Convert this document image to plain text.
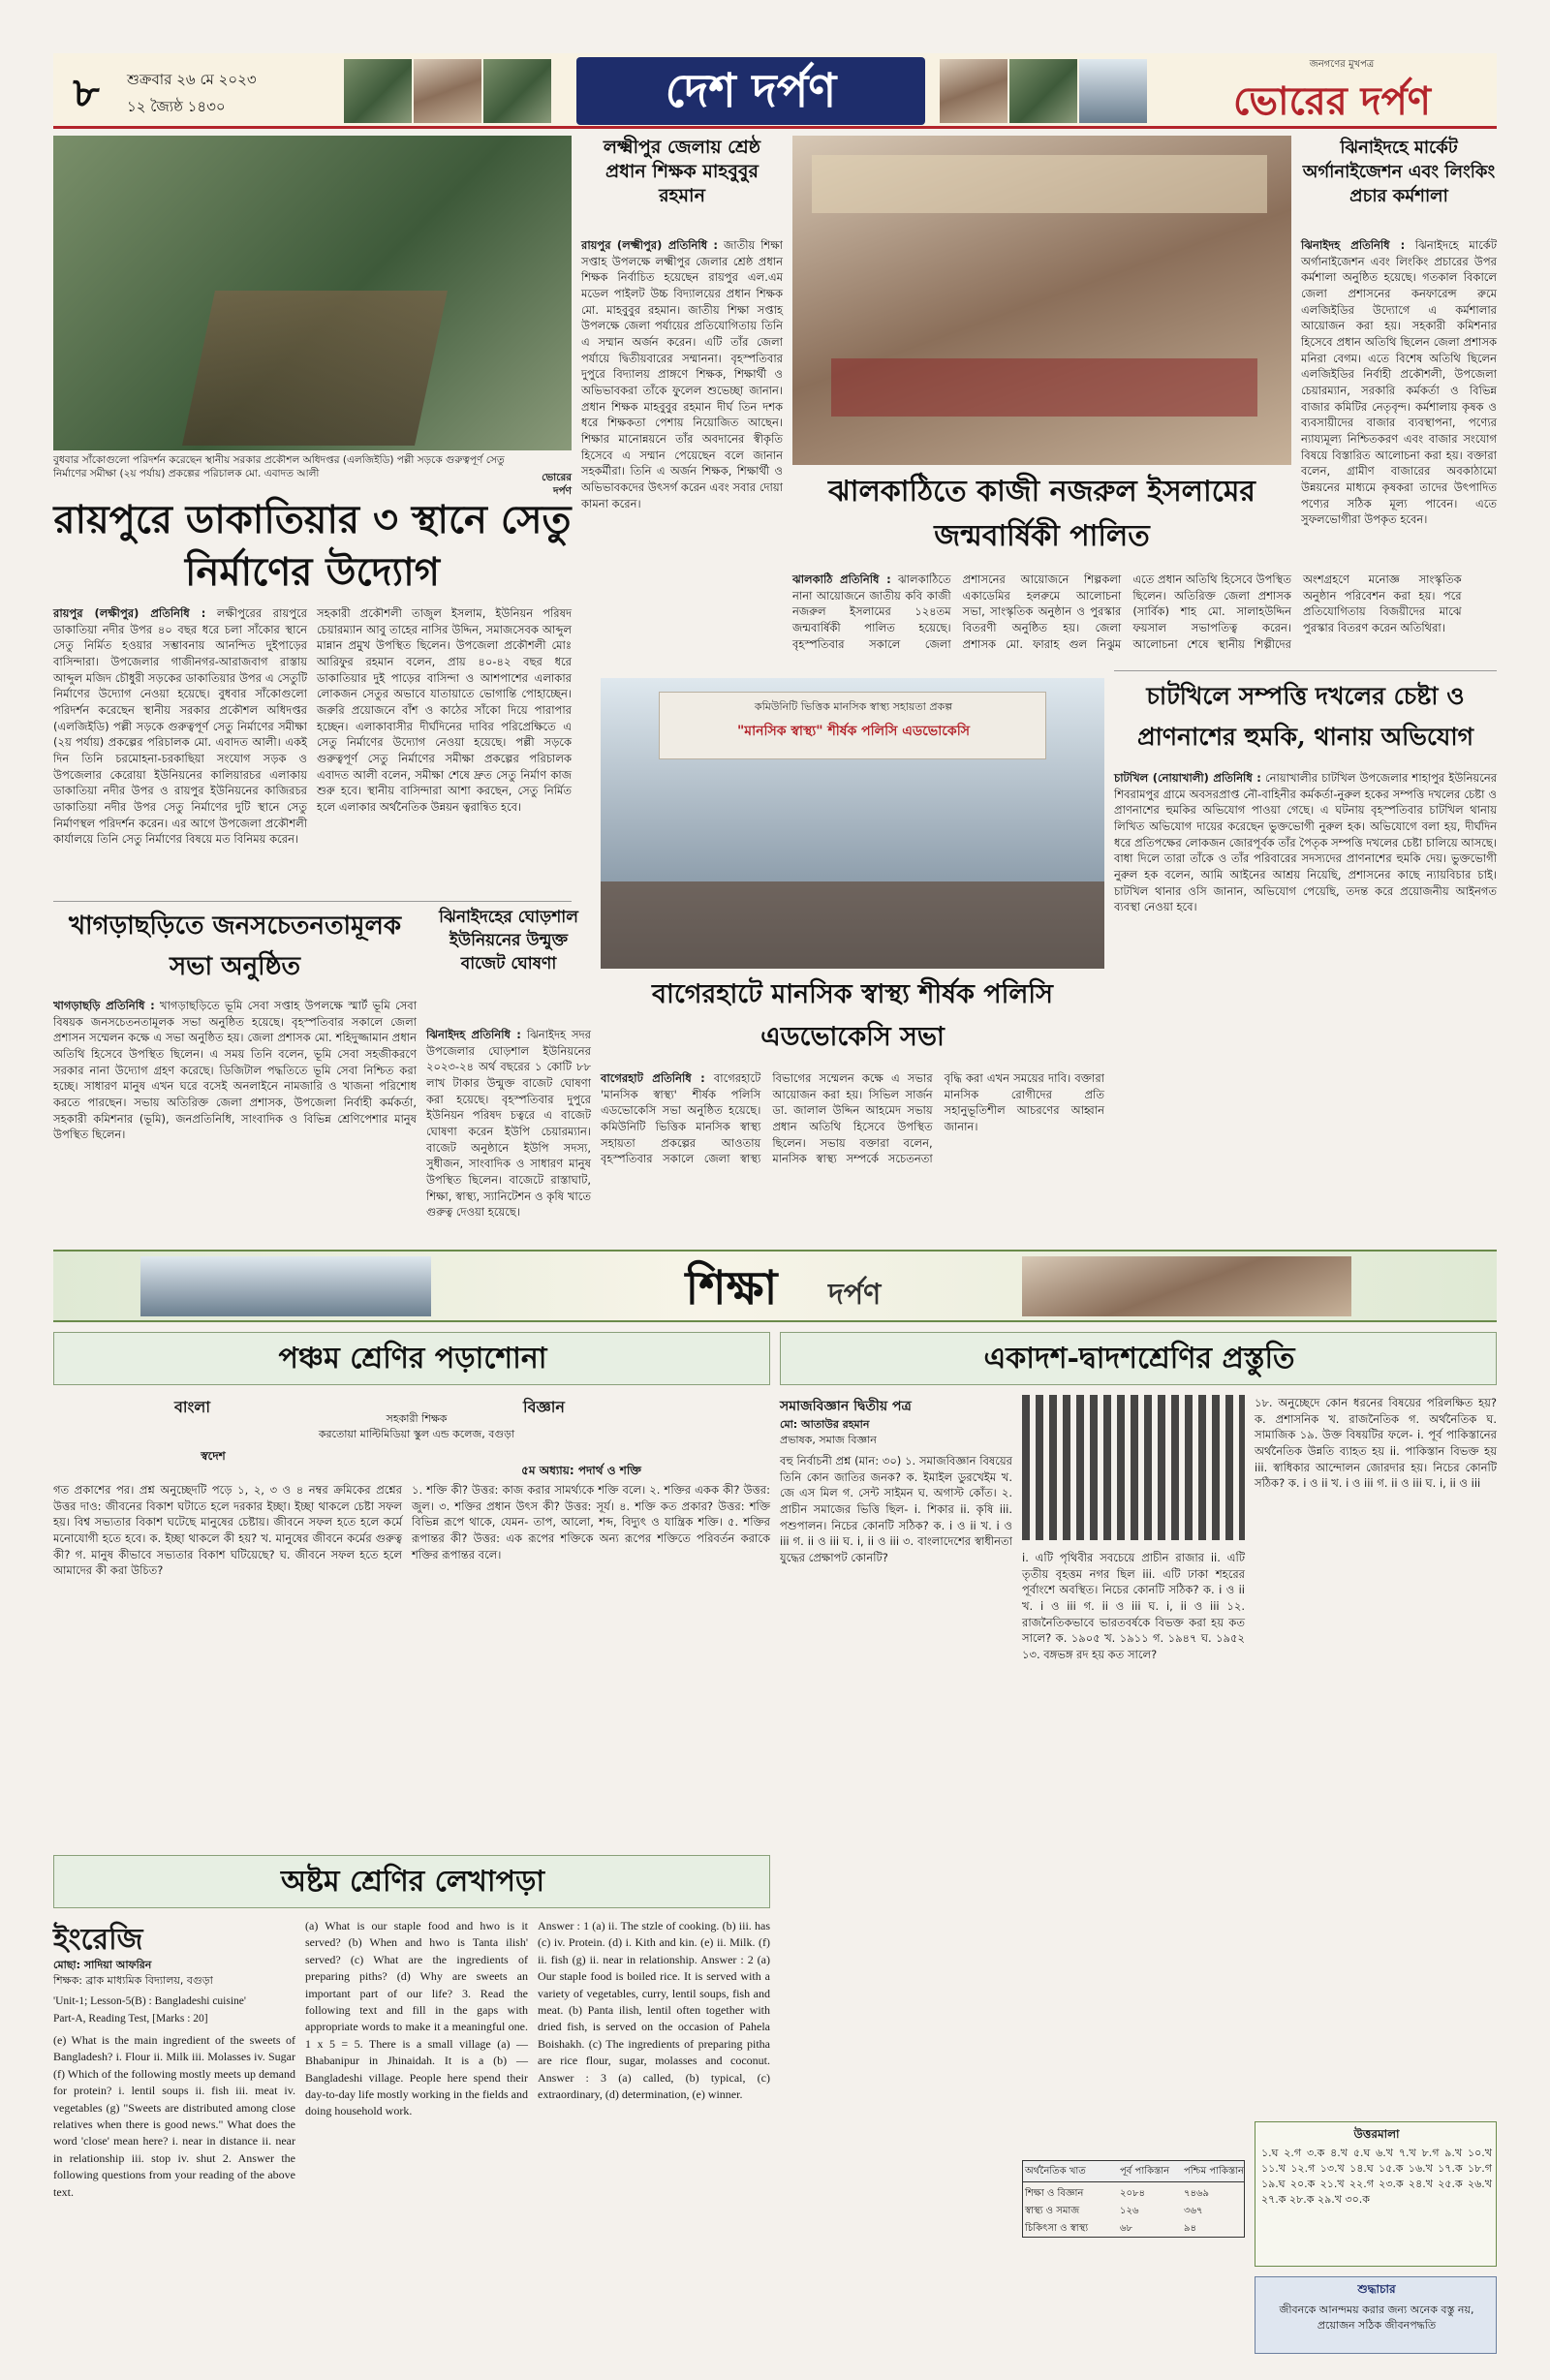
৮	শুক্রবার ২৬ মে ২০২৩
১২ জ্যৈষ্ঠ ১৪৩০	দেশ দর্পণ	জনগণের মুখপত্র
ভোরের দর্পণ
বুধবার সাঁকোগুলো পরিদর্শন করেছেন স্থানীয় সরকার প্রকৌশল অধিদপ্তর (এলজিইডি) পল্লী সড়কে গুরুত্বপূর্ণ সেতু নির্মাণের সমীক্ষা (২য় পর্যায়) প্রকল্পের পরিচালক মো. এবাদত আলী	ভোরের দর্পণ
রায়পুরে ডাকাতিয়ার ৩ স্থানে সেতু নির্মাণের উদ্যোগ
রায়পুর (লক্ষীপুর) প্রতিনিধি : লক্ষীপুরের রায়পুরে ডাকাতিয়া নদীর উপর ৪০ বছর ধরে চলা সাঁকোর স্থানে সেতু নির্মিত হওয়ার সম্ভাবনায় আনন্দিত দুইপাড়ের বাসিন্দারা। উপজেলার গাজীনগর-আরাজবাগ রাস্তায় আব্দুল মজিদ চৌধুরী সড়কের ডাকাতিয়ার উপর এ সেতুটি নির্মাণের উদ্যোগ নেওয়া হয়েছে। বুধবার সাঁকোগুলো পরিদর্শন করেছেন স্থানীয় সরকার প্রকৌশল অধিদপ্তর (এলজিইডি) পল্লী সড়কে গুরুত্বপূর্ণ সেতু নির্মাণের সমীক্ষা (২য় পর্যায়) প্রকল্পের পরিচালক মো. এবাদত আলী। একই দিন তিনি চরমোহনা-চরকাছিয়া সংযোগ সড়ক ও উপজেলার কেরোয়া ইউনিয়নের কালিয়ারচর এলাকায় ডাকাতিয়া নদীর উপর ও রায়পুর ইউনিয়নের কাজিরচর ডাকাতিয়া নদীর উপর সেতু নির্মাণের দুটি স্থানে সেতু নির্মাণস্থল পরিদর্শন করেন। এর আগে উপজেলা প্রকৌশলী কার্যালয়ে তিনি সেতু নির্মাণের বিষয়ে মত বিনিময় করেন।
সহকারী প্রকৌশলী তাজুল ইসলাম, ইউনিয়ন পরিষদ চেয়ারম্যান আবু তাহের নাসির উদ্দিন, সমাজসেবক আব্দুল মান্নান প্রমুখ উপস্থিত ছিলেন। উপজেলা প্রকৌশলী মোঃ আরিফুর রহমান বলেন, প্রায় ৪০-৪২ বছর ধরে ডাকাতিয়ার দুই পাড়ের বাসিন্দা ও আশপাশের এলাকার লোকজন সেতুর অভাবে যাতায়াতে ভোগান্তি পোহাচ্ছেন। জরুরি প্রয়োজনে বাঁশ ও কাঠের সাঁকো দিয়ে পারাপার হচ্ছেন। এলাকাবাসীর দীর্ঘদিনের দাবির পরিপ্রেক্ষিতে এ সেতু নির্মাণের উদ্যোগ নেওয়া হয়েছে। পল্লী সড়কে গুরুত্বপূর্ণ সেতু নির্মাণের সমীক্ষা প্রকল্পের পরিচালক এবাদত আলী বলেন, সমীক্ষা শেষে দ্রুত সেতু নির্মাণ কাজ শুরু হবে। স্থানীয় বাসিন্দারা আশা করছেন, সেতু নির্মিত হলে এলাকার অর্থনৈতিক উন্নয়ন ত্বরান্বিত হবে।
লক্ষ্মীপুর জেলায় শ্রেষ্ঠ প্রধান শিক্ষক মাহবুবুর রহমান
রায়পুর (লক্ষ্মীপুর) প্রতিনিধি : জাতীয় শিক্ষা সপ্তাহ উপলক্ষে লক্ষ্মীপুর জেলার শ্রেষ্ঠ প্রধান শিক্ষক নির্বাচিত হয়েছেন রায়পুর এল.এম মডেল পাইলট উচ্চ বিদ্যালয়ের প্রধান শিক্ষক মো. মাহবুবুর রহমান। জাতীয় শিক্ষা সপ্তাহ উপলক্ষে জেলা পর্যায়ের প্রতিযোগিতায় তিনি এ সম্মান অর্জন করেন। এটি তাঁর জেলা পর্যায়ে দ্বিতীয়বারের সম্মাননা। বৃহস্পতিবার দুপুরে বিদ্যালয় প্রাঙ্গণে শিক্ষক, শিক্ষার্থী ও অভিভাবকরা তাঁকে ফুলেল শুভেচ্ছা জানান। প্রধান শিক্ষক মাহবুবুর রহমান দীর্ঘ তিন দশক ধরে শিক্ষকতা পেশায় নিয়োজিত আছেন। শিক্ষার মানোন্নয়নে তাঁর অবদানের স্বীকৃতি হিসেবে এ সম্মান পেয়েছেন বলে জানান সহকর্মীরা। তিনি এ অর্জন শিক্ষক, শিক্ষার্থী ও অভিভাবকদের উৎসর্গ করেন এবং সবার দোয়া কামনা করেন।	ঝালকাঠিতে কাজী নজরুল ইসলামের জন্মবার্ষিকী পালিত
ঝালকাঠি প্রতিনিধি : ঝালকাঠিতে নানা আয়োজনে জাতীয় কবি কাজী নজরুল ইসলামের ১২৪তম জন্মবার্ষিকী পালিত হয়েছে। বৃহস্পতিবার সকালে জেলা প্রশাসনের আয়োজনে শিল্পকলা একাডেমির হলরুমে আলোচনা সভা, সাংস্কৃতিক অনুষ্ঠান ও পুরস্কার বিতরণী অনুষ্ঠিত হয়। জেলা প্রশাসক মো. ফারাহ গুল নিঝুম এতে প্রধান অতিথি হিসেবে উপস্থিত ছিলেন। অতিরিক্ত জেলা প্রশাসক (সার্বিক) শাহ মো. সালাহউদ্দিন ফয়সাল সভাপতিত্ব করেন। আলোচনা শেষে স্থানীয় শিল্পীদের অংশগ্রহণে মনোজ্ঞ সাংস্কৃতিক অনুষ্ঠান পরিবেশন করা হয়। পরে প্রতিযোগিতায় বিজয়ীদের মাঝে পুরস্কার বিতরণ করেন অতিথিরা।
ঝিনাইদহে মার্কেট অর্গানাইজেশন এবং লিংকিং প্রচার কর্মশালা
ঝিনাইদহ প্রতিনিধি : ঝিনাইদহে মার্কেট অর্গানাইজেশন এবং লিংকিং প্রচারের উপর কর্মশালা অনুষ্ঠিত হয়েছে। গতকাল বিকালে জেলা প্রশাসনের কনফারেন্স রুমে এলজিইডির উদ্যোগে এ কর্মশালার আয়োজন করা হয়। সহকারী কমিশনার হিসেবে প্রধান অতিথি ছিলেন জেলা প্রশাসক মনিরা বেগম। এতে বিশেষ অতিথি ছিলেন এলজিইডির নির্বাহী প্রকৌশলী, উপজেলা চেয়ারম্যান, সরকারি কর্মকর্তা ও বিভিন্ন বাজার কমিটির নেতৃবৃন্দ। কর্মশালায় কৃষক ও ব্যবসায়ীদের বাজার ব্যবস্থাপনা, পণ্যের ন্যায্যমূল্য নিশ্চিতকরণ এবং বাজার সংযোগ বিষয়ে বিস্তারিত আলোচনা করা হয়। বক্তারা বলেন, গ্রামীণ বাজারের অবকাঠামো উন্নয়নের মাধ্যমে কৃষকরা তাদের উৎপাদিত পণ্যের সঠিক মূল্য পাবেন। এতে সুফলভোগীরা উপকৃত হবেন।
চাটখিলে সম্পত্তি দখলের চেষ্টা ও প্রাণনাশের হুমকি, থানায় অভিযোগ
চাটখিল (নোয়াখালী) প্রতিনিধি : নোয়াখালীর চাটখিল উপজেলার শাহাপুর ইউনিয়নের শিবরামপুর গ্রামে অবসরপ্রাপ্ত নৌ-বাহিনীর কর্মকর্তা-নুরুল হকের সম্পত্তি দখলের চেষ্টা ও প্রাণনাশের হুমকির অভিযোগ পাওয়া গেছে। এ ঘটনায় বৃহস্পতিবার চাটখিল থানায় লিখিত অভিযোগ দায়ের করেছেন ভুক্তভোগী নুরুল হক। অভিযোগে বলা হয়, দীর্ঘদিন ধরে প্রতিপক্ষের লোকজন জোরপূর্বক তাঁর পৈতৃক সম্পত্তি দখলের চেষ্টা চালিয়ে আসছে। বাধা দিলে তারা তাঁকে ও তাঁর পরিবারের সদস্যদের প্রাণনাশের হুমকি দেয়। ভুক্তভোগী নুরুল হক বলেন, আমি আইনের আশ্রয় নিয়েছি, প্রশাসনের কাছে ন্যায়বিচার চাই। চাটখিল থানার ওসি জানান, অভিযোগ পেয়েছি, তদন্ত করে প্রয়োজনীয় আইনগত ব্যবস্থা নেওয়া হবে।
খাগড়াছড়িতে জনসচেতনতামূলক সভা অনুষ্ঠিত
খাগড়াছড়ি প্রতিনিধি : খাগড়াছড়িতে ভূমি সেবা সপ্তাহ উপলক্ষে স্মার্ট ভূমি সেবা বিষয়ক জনসচেতনতামূলক সভা অনুষ্ঠিত হয়েছে। বৃহস্পতিবার সকালে জেলা প্রশাসন সম্মেলন কক্ষে এ সভা অনুষ্ঠিত হয়। জেলা প্রশাসক মো. শহিদুজ্জামান প্রধান অতিথি হিসেবে উপস্থিত ছিলেন। এ সময় তিনি বলেন, ভূমি সেবা সহজীকরণে সরকার নানা উদ্যোগ গ্রহণ করেছে। ডিজিটাল পদ্ধতিতে ভূমি সেবা নিশ্চিত করা হচ্ছে। সাধারণ মানুষ এখন ঘরে বসেই অনলাইনে নামজারি ও খাজনা পরিশোধ করতে পারছেন। সভায় অতিরিক্ত জেলা প্রশাসক, উপজেলা নির্বাহী কর্মকর্তা, সহকারী কমিশনার (ভূমি), জনপ্রতিনিধি, সাংবাদিক ও বিভিন্ন শ্রেণিপেশার মানুষ উপস্থিত ছিলেন।
ঝিনাইদহের ঘোড়শাল ইউনিয়নের উন্মুক্ত বাজেট ঘোষণা
ঝিনাইদহ প্রতিনিধি : ঝিনাইদহ সদর উপজেলার ঘোড়শাল ইউনিয়নের ২০২৩-২৪ অর্থ বছরের ১ কোটি ৮৮ লাখ টাকার উন্মুক্ত বাজেট ঘোষণা করা হয়েছে। বৃহস্পতিবার দুপুরে ইউনিয়ন পরিষদ চত্বরে এ বাজেট ঘোষণা করেন ইউপি চেয়ারম্যান। বাজেট অনুষ্ঠানে ইউপি সদস্য, সুধীজন, সাংবাদিক ও সাধারণ মানুষ উপস্থিত ছিলেন। বাজেটে রাস্তাঘাট, শিক্ষা, স্বাস্থ্য, স্যানিটেশন ও কৃষি খাতে গুরুত্ব দেওয়া হয়েছে।
কমিউনিটি ভিত্তিক মানসিক স্বাস্থ্য সহায়তা প্রকল্প
"মানসিক স্বাস্থ্য" শীর্ষক পলিসি এডভোকেসি
বাগেরহাটে মানসিক স্বাস্থ্য শীর্ষক পলিসি এডভোকেসি সভা
বাগেরহাট প্রতিনিধি : বাগেরহাটে 'মানসিক স্বাস্থ্য' শীর্ষক পলিসি এডভোকেসি সভা অনুষ্ঠিত হয়েছে। কমিউনিটি ভিত্তিক মানসিক স্বাস্থ্য সহায়তা প্রকল্পের আওতায় বৃহস্পতিবার সকালে জেলা স্বাস্থ্য বিভাগের সম্মেলন কক্ষে এ সভার আয়োজন করা হয়। সিভিল সার্জন ডা. জালাল উদ্দিন আহমেদ সভায় প্রধান অতিথি হিসেবে উপস্থিত ছিলেন। সভায় বক্তারা বলেন, মানসিক স্বাস্থ্য সম্পর্কে সচেতনতা বৃদ্ধি করা এখন সময়ের দাবি। বক্তারা মানসিক রোগীদের প্রতি সহানুভূতিশীল আচরণের আহ্বান জানান।
শিক্ষা	দর্পণ
পঞ্চম শ্রেণির পড়াশোনা
বাংলা	বিজ্ঞান
সহকারী শিক্ষক
করতোয়া মাল্টিমিডিয়া স্কুল এন্ড কলেজ, বগুড়া
স্বদেশ
৫ম অধ্যায়: পদার্থ ও শক্তি
গত প্রকাশের পর। প্রশ্ন অনুচ্ছেদটি পড়ে ১, ২, ৩ ও ৪ নম্বর ক্রমিকের প্রশ্নের উত্তর দাও: জীবনের বিকাশ ঘটাতে হলে দরকার ইচ্ছা। ইচ্ছা থাকলে চেষ্টা সফল হয়। বিশ্ব সভ্যতার বিকাশ ঘটেছে মানুষের চেষ্টায়। জীবনে সফল হতে হলে কর্মে মনোযোগী হতে হবে। ক. ইচ্ছা থাকলে কী হয়? খ. মানুষের জীবনে কর্মের গুরুত্ব কী? গ. মানুষ কীভাবে সভ্যতার বিকাশ ঘটিয়েছে? ঘ. জীবনে সফল হতে হলে আমাদের কী করা উচিত?
১. শক্তি কী? উত্তর: কাজ করার সামর্থ্যকে শক্তি বলে। ২. শক্তির একক কী? উত্তর: জুল। ৩. শক্তির প্রধান উৎস কী? উত্তর: সূর্য। ৪. শক্তি কত প্রকার? উত্তর: শক্তি বিভিন্ন রূপে থাকে, যেমন- তাপ, আলো, শব্দ, বিদ্যুৎ ও যান্ত্রিক শক্তি। ৫. শক্তির রূপান্তর কী? উত্তর: এক রূপের শক্তিকে অন্য রূপের শক্তিতে পরিবর্তন করাকে শক্তির রূপান্তর বলে।
অষ্টম শ্রেণির লেখাপড়া
ইংরেজি
মোছা: সাদিয়া আফরিন
শিক্ষক: ব্রাক মাধ্যমিক বিদ্যালয়, বগুড়া
'Unit-1; Lesson-5(B) : Bangladeshi cuisine'
Part-A, Reading Test, [Marks : 20]
(e) What is the main ingredient of the sweets of Bangladesh? i. Flour ii. Milk iii. Molasses iv. Sugar (f) Which of the following mostly meets up demand for protein? i. lentil soups ii. fish iii. meat iv. vegetables (g) "Sweets are distributed among close relatives when there is good news." What does the word 'close' mean here? i. near in distance ii. near in relationship iii. stop iv. shut 2. Answer the following questions from your reading of the above text.
(a) What is our staple food and hwo is it served? (b) When and hwo is Tanta ilish' served? (c) What are the ingredients of preparing piths? (d) Why are sweets an important part of our life? 3. Read the following text and fill in the gaps with appropriate words to make it a meaningful one. 1 x 5 = 5. There is a small village (a) — Bhabanipur in Jhinaidah. It is a (b) — Bangladeshi village. People here spend their day-to-day life mostly working in the fields and doing household work.
Answer : 1 (a) ii. The stzle of cooking. (b) iii. has (c) iv. Protein. (d) i. Kith and kin. (e) ii. Milk. (f) ii. fish (g) ii. near in relationship. Answer : 2 (a) Our staple food is boiled rice. It is served with a variety of vegetables, curry, lentil soups, fish and meat. (b) Panta ilish, lentil often together with dried fish, is served on the occasion of Pahela Boishakh. (c) The ingredients of preparing pitha are rice flour, sugar, molasses and coconut. Answer : 3 (a) called, (b) typical, (c) extraordinary, (d) determination, (e) winner.
একাদশ-দ্বাদশশ্রেণির প্রস্তুতি
সমাজবিজ্ঞান দ্বিতীয় পত্র
মো: আতাউর রহমান
প্রভাষক, সমাজ বিজ্ঞান
বহু নির্বাচনী প্রশ্ন (মান: ৩০) ১. সমাজবিজ্ঞান বিষয়ের তিনি কোন জাতির জনক? ক. ইমাইল ডুরখেইম খ. জে এস মিল গ. সেন্ট সাইমন ঘ. অগাস্ট কোঁত। ২. প্রাচীন সমাজের ভিত্তি ছিল- i. শিকার ii. কৃষি iii. পশুপালন। নিচের কোনটি সঠিক? ক. i ও ii খ. i ও iii গ. ii ও iii ঘ. i, ii ও iii ৩. বাংলাদেশের স্বাধীনতা যুদ্ধের প্রেক্ষাপট কোনটি?	i. এটি পৃথিবীর সবচেয়ে প্রাচীন রাজার ii. এটি তৃতীয় বৃহত্তম নগর ছিল iii. এটি ঢাকা শহরের পূর্বাংশে অবস্থিত। নিচের কোনটি সঠিক? ক. i ও ii খ. i ও iii গ. ii ও iii ঘ. i, ii ও iii ১২. রাজনৈতিকভাবে ভারতবর্ষকে বিভক্ত করা হয় কত সালে? ক. ১৯০৫ খ. ১৯১১ গ. ১৯৪৭ ঘ. ১৯৫২ ১৩. বঙ্গভঙ্গ রদ হয় কত সালে?
অর্থনৈতিক খাত	পূর্ব পাকিস্তান	পশ্চিম পাকিস্তান
শিক্ষা ও বিজ্ঞান	২০৮৪	৭৪৬৯
স্বাস্থ্য ও সমাজ	১২৬	৩৬৭
চিকিৎসা ও স্বাস্থ্য	৬৮	৯৪
১৮. অনুচ্ছেদে কোন ধরনের বিষয়ের পরিলক্ষিত হয়? ক. প্রশাসনিক খ. রাজনৈতিক গ. অর্থনৈতিক ঘ. সামাজিক ১৯. উক্ত বিষয়টির ফলে- i. পূর্ব পাকিস্তানের অর্থনৈতিক উন্নতি ব্যাহত হয় ii. পাকিস্তান বিভক্ত হয় iii. স্বাধিকার আন্দোলন জোরদার হয়। নিচের কোনটি সঠিক? ক. i ও ii খ. i ও iii গ. ii ও iii ঘ. i, ii ও iii
উত্তরমালা
১.ঘ ২.গ ৩.ক ৪.খ ৫.ঘ ৬.খ ৭.খ ৮.গ ৯.খ ১০.খ ১১.খ ১২.গ ১৩.খ ১৪.ঘ ১৫.ক ১৬.খ ১৭.ক ১৮.গ ১৯.ঘ ২০.ক ২১.খ ২২.গ ২৩.ক ২৪.খ ২৫.ক ২৬.খ ২৭.ক ২৮.ক ২৯.খ ৩০.ক
শুদ্ধাচার
জীবনকে আনন্দময় করার জন্য অনেক বস্তু নয়, প্রয়োজন সঠিক জীবনপদ্ধতি
